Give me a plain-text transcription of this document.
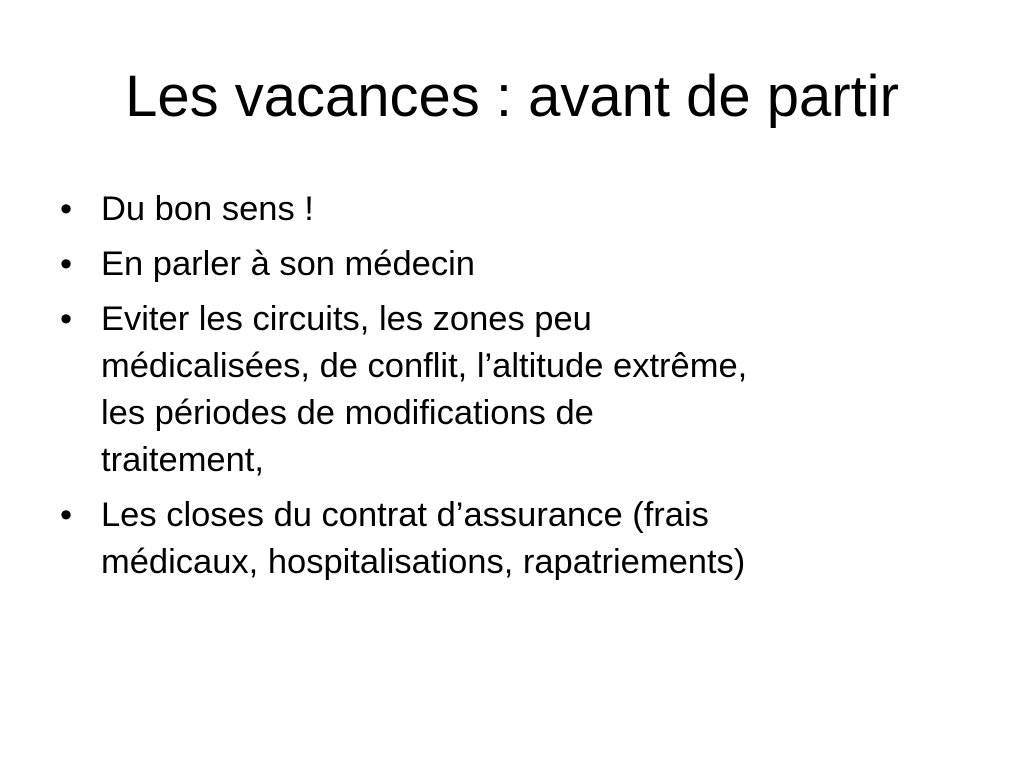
Les vacances : avant de partir
• Du bon sens !
• En parler à son médecin
• Eviter les circuits, les zones peu
médicalisées, de conflit, l’altitude extrême,
les périodes de modifications de
traitement,
• Les closes du contrat d’assurance (frais
médicaux, hospitalisations, rapatriements)
